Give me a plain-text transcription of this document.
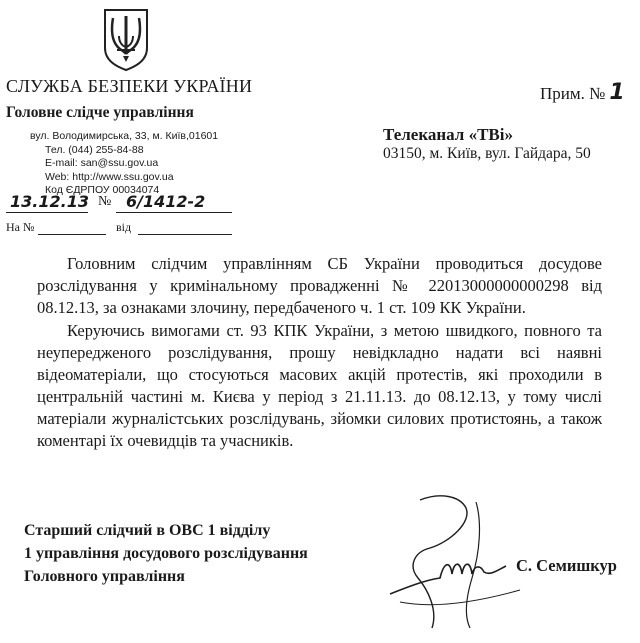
СЛУЖБА БЕЗПЕКИ УКРАЇНИ
Головне слідче управління
вул. Володимирська, 33, м. Київ,01601
Тел. (044) 255-84-88
E-mail: san@ssu.gov.ua
Web: http://www.ssu.gov.ua
Код ЄДРПОУ 00034074
13.12.13 № 6/1412-2
На №	від
Прим. № 1
Телеканал «ТВі»
03150, м. Київ, вул. Гайдара, 50

Головним слідчим управлінням СБ України проводиться досудове розслідування у кримінальному провадженні № 22013000000000298 від 08.12.13, за ознаками злочину, передбаченого ч. 1 ст. 109 КК України.

Керуючись вимогами ст. 93 КПК України, з метою швидкого, повного та неупередженого розслідування, прошу невідкладно надати всі наявні відеоматеріали, що стосуються масових акцій протестів, які проходили в центральній частині м. Києва у період з 21.11.13. до 08.12.13, у тому числі матеріали журналістських розслідувань, зйомки силових протистоянь, а також коментарі їх очевидців та учасників.

Старший слідчий в ОВС 1 відділу
1 управління досудового розслідування
Головного управління
С. Семишкур
